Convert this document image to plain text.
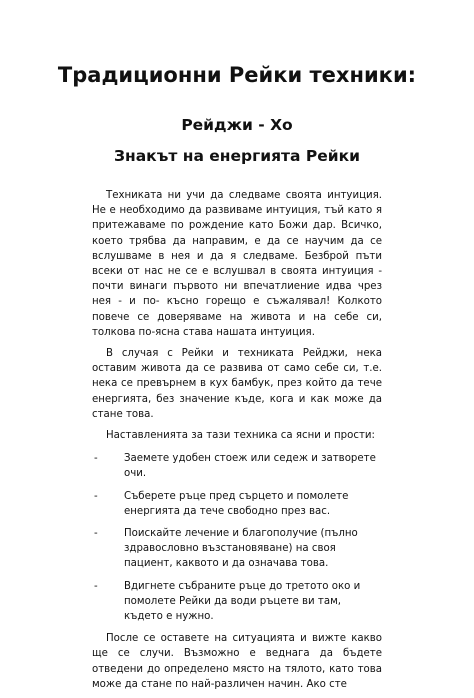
Традиционни Рейки техники:
Рейджи - Хо
Знакът на енергията Рейки

Техниката ни учи да следваме своята интуиция. Не е необходимо да развиваме интуиция, тъй като я притежаваме по рождение като Божи дар. Всичко, което трябва да направим, е да се научим да се вслушваме в нея и да я следваме. Безброй пъти всеки от нас не се е вслушвал в своята интуиция - почти винаги първото ни впечатлиение идва чрез нея - и по- късно горещо е съжалявал! Колкото повече се доверяваме на живота и на себе си, толкова по-ясна става нашата интуиция.

В случая с Рейки и техниката Рейджи, нека оставим живота да се развива от само себе си, т.е. нека се превърнем в кух бамбук, през който да тече енергията, без значение къде, кога и как може да стане това.

Наставленията за тази техника са ясни и прости:

-	Заемете удобен стоеж или седеж и затворете очи.
-	Съберете ръце пред сърцето и помолете енергията да тече свободно през вас.
-	Поискайте лечение и благополучие (пълно здравословно възстановяване) на своя пациент, каквото и да означава това.
-	Вдигнете събраните ръце до третото око и помолете Рейки да води ръцете ви там, където е нужно.

После се оставете на ситуацията и вижте какво ще се случи. Възможно е веднага да бъдете отведени до определено място на тялото, като това може да стане по най-различен начин. Ако сте
